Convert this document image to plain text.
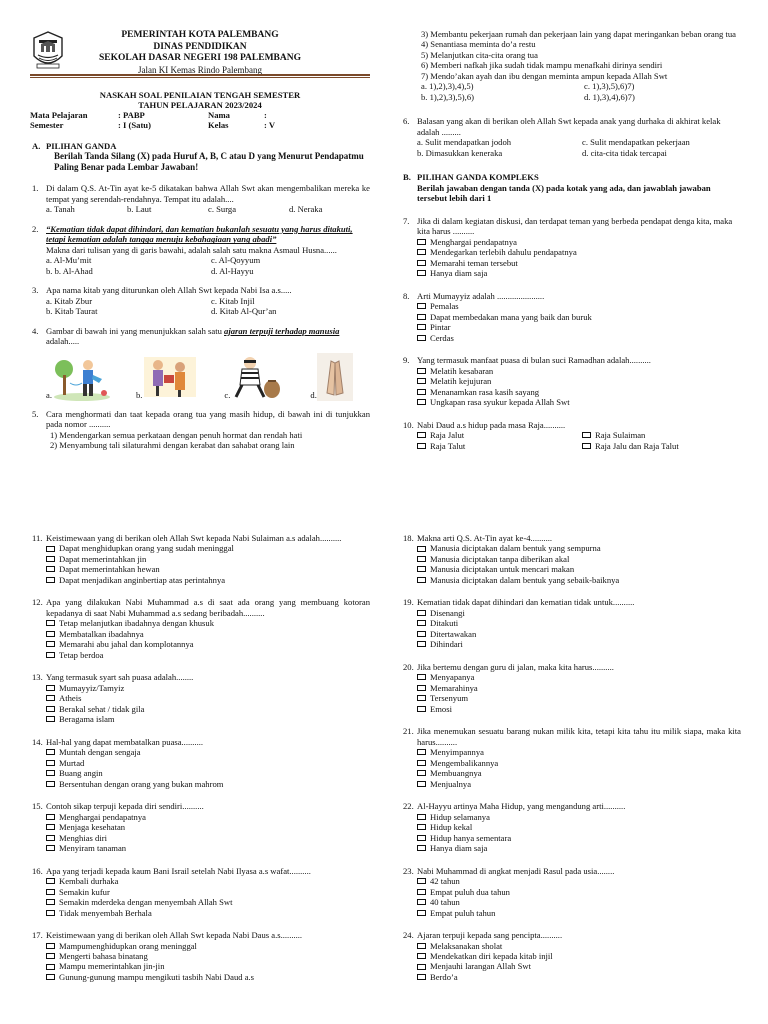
PEMERINTAH KOTA PALEMBANG
DINAS PENDIDIKAN
SEKOLAH DASAR NEGERI 198 PALEMBANG
Jalan KI Kemas Rindo Palembang
NASKAH SOAL PENILAIAN TENGAH SEMESTER
TAHUN PELAJARAN 2023/2024
Mata Pelajaran	: PABP	Nama	:
Semester	: I (Satu)	Kelas	: V
A. PILIHAN GANDA
Berilah Tanda Silang (X) pada Huruf A, B, C atau D yang Menurut Pendapatmu Paling Benar pada Lembar Jawaban!
1. Di dalam Q.S. At-Tin ayat ke-5 dikatakan bahwa Allah Swt akan mengembalikan mereka ke tempat yang serendah-rendahnya. Tempat itu adalah....
a. Tanah	b. Laut	c. Surga	d. Neraka
2. “Kematian tidak dapat dihindari, dan kematian bukanlah sesuatu yang harus ditakuti, tetapi kematian adalah tangga menuju kebahagiaan yang abadi”
Makna dari tulisan yang di garis bawahi, adalah salah satu makna Asmaul Husna......
a. Al-Mu’mit	c. Al-Qoyyum
b. b. Al-Ahad	d. Al-Hayyu
3. Apa nama kitab yang diturunkan oleh Allah Swt kepada Nabi Isa a.s.....
a. Kitab Zbur	c. Kitab Injil
b. Kitab Taurat	d. Kitab Al-Qur’an
4. Gambar di bawah ini yang menunjukkan salah satu ajaran terpuji terhadap manusia adalah.....
a.	b.	c.	d.
5. Cara menghormati dan taat kepada orang tua yang masih hidup, di bawah ini di tunjukkan pada nomor ..........
1) Mendengarkan semua perkataan dengan penuh hormat dan rendah hati
2) Menyambung tali silaturahmi dengan kerabat dan sahabat orang lain
3) Membantu pekerjaan rumah dan pekerjaan lain yang dapat meringankan beban orang tua
4) Senantiasa meminta do’a restu
5) Melanjutkan cita-cita orang tua
6) Memberi nafkah jika sudah tidak mampu menafkahi dirinya sendiri
7) Mendo’akan ayah dan ibu dengan meminta ampun kepada Allah Swt
a. 1),2),3),4),5)	c. 1),3),5),6)7)
b. 1),2),3),5),6)	d. 1),3),4),6)7)
6. Balasan yang akan di berikan oleh Allah Swt kepada anak yang durhaka di akhirat kelak adalah .........
a. Sulit mendapatkan jodoh	c. Sulit mendapatkan pekerjaan
b. Dimasukkan keneraka	d. cita-cita tidak tercapai
B. PILIHAN GANDA KOMPLEKS
Berilah jawaban dengan tanda (X) pada kotak yang ada, dan jawablah jawaban tersebut lebih dari 1
7. Jika di dalam kegiatan diskusi, dan terdapat teman yang berbeda pendapat denga kita, maka kita harus ..........
Menghargai pendapatnya
Mendegarkan terlebih dahulu pendapatnya
Memarahi teman tersebut
Hanya diam saja
8. Arti Mumayyiz adalah ......................
Pemalas
Dapat membedakan mana yang baik dan buruk
Pintar
Cerdas
9. Yang termasuk manfaat puasa di bulan suci Ramadhan adalah..........
Melatih kesabaran
Melatih kejujuran
Menanamkan rasa kasih sayang
Ungkapan rasa syukur kepada Allah Swt
10. Nabi Daud a.s hidup pada masa Raja..........
Raja Jalut	Raja Sulaiman
Raja Talut	Raja Jalu dan Raja Talut
11. Keistimewaan yang di berikan oleh Allah Swt kepada Nabi Sulaiman a.s adalah..........
Dapat menghidupkan orang yang sudah meninggal
Dapat memerintahkan jin
Dapat memerintahkan hewan
Dapat menjadikan anginbertiap atas perintahnya
12. Apa yang dilakukan Nabi Muhammad a.s di saat ada orang yang membuang kotoran kepadanya di saat Nabi Muhammad a.s sedang beribadah..........
Tetap melanjutkan ibadahnya dengan khusuk
Membatalkan ibadahnya
Memarahi abu jahal dan komplotannya
Tetap berdoa
13. Yang termasuk syart sah puasa adalah........
Mumayyiz/Tamyiz
Atheis
Berakal sehat / tidak gila
Beragama islam
14. Hal-hal yang dapat membatalkan puasa..........
Muntah dengan sengaja
Murtad
Buang angin
Bersentuhan dengan orang yang bukan mahrom
15. Contoh sikap terpuji kepada diri sendiri..........
Menghargai pendapatnya
Menjaga kesehatan
Menghias diri
Menyiram tanaman
16. Apa yang terjadi kepada kaum Bani Israil setelah Nabi Ilyasa a.s wafat..........
Kembali durhaka
Semakin kufur
Semakin mderdeka dengan menyembah Allah Swt
Tidak menyembah Berhala
17. Keistimewaan yang di berikan oleh Allah Swt kepada Nabi Daus a.s..........
Mampumenghidupkan orang meninggal
Mengerti bahasa binatang
Mampu memerintahkan jin-jin
Gunung-gunung mampu mengikuti tasbih Nabi Daud a.s
18. Makna arti Q.S. At-Tin ayat ke-4..........
Manusia diciptakan dalam bentuk yang sempurna
Manusia diciptakan tanpa diberikan akal
Manusia diciptakan untuk mencari makan
Manusia diciptakan dalam bentuk yang sebaik-baiknya
19. Kematian tidak dapat dihindari dan kematian tidak untuk..........
Disenangi
Ditakuti
Ditertawakan
Dihindari
20. Jika bertemu dengan guru di jalan, maka kita harus..........
Menyapanya
Memarahinya
Tersenyum
Emosi
21. Jika menemukan sesuatu barang nukan milik kita, tetapi kita tahu itu milik siapa, maka kita harus..........
Menyimpannya
Mengembalikannya
Membuangnya
Menjualnya
22. Al-Hayyu artinya Maha Hidup, yang mengandung arti..........
Hidup selamanya
Hidup kekal
Hidup hanya sementara
Hanya diam saja
23. Nabi Muhammad di angkat menjadi Rasul pada usia........
42 tahun
Empat puluh dua tahun
40 tahun
Empat puluh tahun
24. Ajaran terpuji kepada sang pencipta..........
Melaksanakan sholat
Mendekatkan diri kepada kitab injil
Menjauhi larangan Allah Swt
Berdo’a
